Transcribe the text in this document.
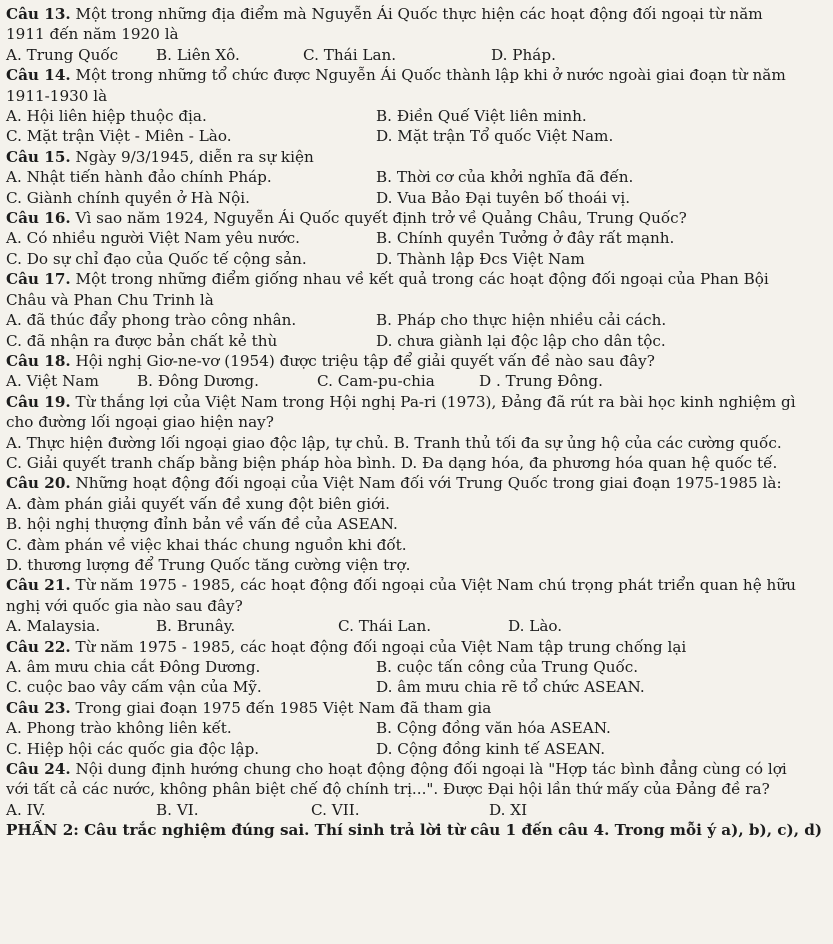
Câu 13. Một trong những địa điểm mà Nguyễn Ái Quốc thực hiện các hoạt động đối ngoại từ năm
1911 đến năm 1920 là
A. Trung Quốc	B. Liên Xô.	C. Thái Lan.	D. Pháp.
Câu 14. Một trong những tổ chức được Nguyễn Ái Quốc thành lập khi ở nước ngoài giai đoạn từ năm
1911-1930 là
A. Hội liên hiệp thuộc địa.	B. Điền Quế Việt liên minh.
C. Mặt trận Việt - Miên - Lào.	D. Mặt trận Tổ quốc Việt Nam.
Câu 15. Ngày 9/3/1945, diễn ra sự kiện
A. Nhật tiến hành đảo chính Pháp.	B. Thời cơ của khởi nghĩa đã đến.
C. Giành chính quyền ở Hà Nội.	D. Vua Bảo Đại tuyên bố thoái vị.
Câu 16. Vì sao năm 1924, Nguyễn Ái Quốc quyết định trở về Quảng Châu, Trung Quốc?
A. Có nhiều người Việt Nam yêu nước.	B. Chính quyền Tưởng ở đây rất mạnh.
C. Do sự chỉ đạo của Quốc tế cộng sản.	D. Thành lập Đcs Việt Nam
Câu 17. Một trong những điểm giống nhau về kết quả trong các hoạt động đối ngoại của Phan Bội
Châu và Phan Chu Trinh là
A. đã thúc đẩy phong trào công nhân.	B. Pháp cho thực hiện nhiều cải cách.
C. đã nhận ra được bản chất kẻ thù	D. chưa giành lại độc lập cho dân tộc.
Câu 18. Hội nghị Giơ-ne-vơ (1954) được triệu tập để giải quyết vấn đề nào sau đây?
A. Việt Nam	B. Đông Dương.	C. Cam-pu-chia	D . Trung Đông.
Câu 19. Từ thắng lợi của Việt Nam trong Hội nghị Pa-ri (1973), Đảng đã rút ra bài học kinh nghiệm gì
cho đường lối ngoại giao hiện nay?
A. Thực hiện đường lối ngoại giao độc lập, tự chủ. B. Tranh thủ tối đa sự ủng hộ của các cường quốc.
C. Giải quyết tranh chấp bằng biện pháp hòa bình. D. Đa dạng hóa, đa phương hóa quan hệ quốc tế.
Câu 20. Những hoạt động đối ngoại của Việt Nam đối với Trung Quốc trong giai đoạn 1975-1985 là:
A. đàm phán giải quyết vấn đề xung đột biên giới.
B. hội nghị thượng đỉnh bản về vấn đề của ASEAN.
C. đàm phán về việc khai thác chung nguồn khi đốt.
D. thương lượng để Trung Quốc tăng cường viện trợ.
Câu 21. Từ năm 1975 - 1985, các hoạt động đối ngoại của Việt Nam chú trọng phát triển quan hệ hữu
nghị với quốc gia nào sau đây?
A. Malaysia.	B. Brunây.	C. Thái Lan.	D. Lào.
Câu 22. Từ năm 1975 - 1985, các hoạt động đối ngoại của Việt Nam tập trung chống lại
A. âm mưu chia cắt Đông Dương.	B. cuộc tấn công của Trung Quốc.
C. cuộc bao vây cấm vận của Mỹ.	D. âm mưu chia rẽ tổ chức ASEAN.
Câu 23. Trong giai đoạn 1975 đến 1985 Việt Nam đã tham gia
A. Phong trào không liên kết.	B. Cộng đồng văn hóa ASEAN.
C. Hiệp hội các quốc gia độc lập.	D. Cộng đồng kinh tế ASEAN.
Câu 24. Nội dung định hướng chung cho hoạt động động đối ngoại là "Hợp tác bình đẳng cùng có lợi
với tất cả các nước, không phân biệt chế độ chính trị...". Được Đại hội lần thứ mấy của Đảng đề ra?
A. IV.	B. VI.	C. VII.	D. XI
PHẦN 2: Câu trắc nghiệm đúng sai. Thí sinh trả lời từ câu 1 đến câu 4. Trong mỗi ý a), b), c), d)
